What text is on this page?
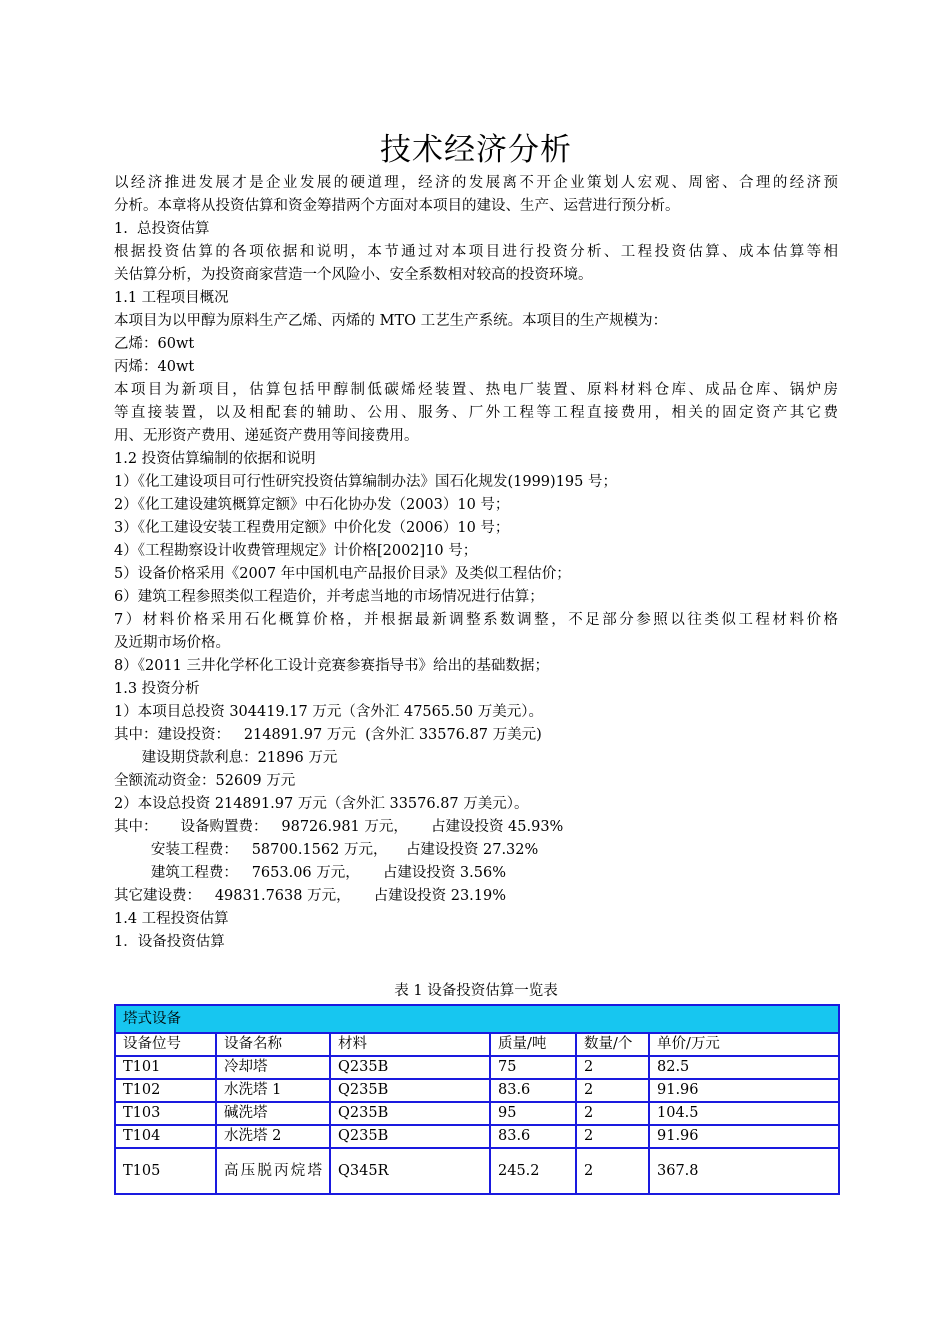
技术经济分析
以经济推进发展才是企业发展的硬道理，经济的发展离不开企业策划人宏观、周密、合理的经济预
分析。本章将从投资估算和资金筹措两个方面对本项目的建设、生产、运营进行预分析。
1.  总投资估算
根据投资估算的各项依据和说明，本节通过对本项目进行投资分析、工程投资估算、成本估算等相
关估算分析，为投资商家营造一个风险小、安全系数相对较高的投资环境。
1.1 工程项目概况
本项目为以甲醇为原料生产乙烯、丙烯的 MTO 工艺生产系统。本项目的生产规模为：
乙烯：60wt
丙烯：40wt
本项目为新项目，估算包括甲醇制低碳烯烃装置、热电厂装置、原料材料仓库、成品仓库、锅炉房
等直接装置，以及相配套的辅助、公用、服务、厂外工程等工程直接费用，相关的固定资产其它费
用、无形资产费用、递延资产费用等间接费用。
1.2 投资估算编制的依据和说明
1）《化工建设项目可行性研究投资估算编制办法》国石化规发(1999)195 号；
2）《化工建设建筑概算定额》中石化协办发（2003）10 号；
3）《化工建设安装工程费用定额》中价化发（2006）10 号；
4）《工程勘察设计收费管理规定》计价格[2002]10 号；
5）设备价格采用《2007 年中国机电产品报价目录》及类似工程估价；
6）建筑工程参照类似工程造价，并考虑当地的市场情况进行估算；
7）材料价格采用石化概算价格，并根据最新调整系数调整，不足部分参照以往类似工程材料价格
及近期市场价格。
8）《2011 三井化学杯化工设计竞赛参赛指导书》给出的基础数据；
1.3 投资分析
1）本项目总投资 304419.17 万元（含外汇 47565.50 万美元）。
其中：建设投资：   214891.97 万元  (含外汇 33576.87 万美元)
建设期贷款利息：21896 万元
全额流动资金：52609 万元
2）本设总投资 214891.97 万元（含外汇 33576.87 万美元）。
其中：     设备购置费：   98726.981 万元，     占建设投资 45.93%
安装工程费：   58700.1562 万元，    占建设投资 27.32%
建筑工程费：   7653.06 万元，     占建设投资 3.56%
其它建设费：   49831.7638 万元，     占建设投资 23.19%
1.4 工程投资估算
1．设备投资估算
表 1 设备投资估算一览表
塔式设备					
设备位号	设备名称	材料	质量/吨	数量/个	单价/万元
T101	冷却塔	Q235B	75	2	82.5
T102	水洗塔 1	Q235B	83.6	2	91.96
T103	碱洗塔	Q235B	95	2	104.5
T104	水洗塔 2	Q235B	83.6	2	91.96
T105	高压脱丙烷塔	Q345R	245.2	2	367.8
